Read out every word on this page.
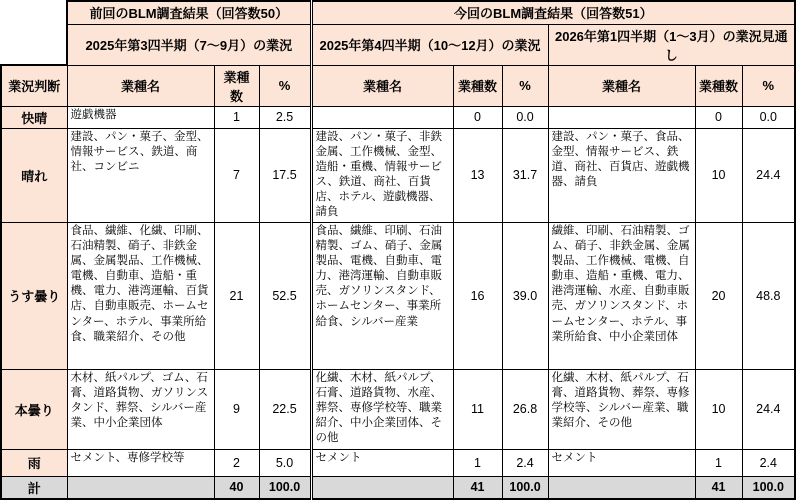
	前回のBLM調査結果（回答数50）			今回のBLM調査結果（回答数51）					
	2025年第3四半期（7～9月）の業況			2025年第4四半期（10～12月）の業況			2026年第1四半期（1～3月）の業況見通し		
業況判断	業種名	業種数	%	業種名	業種数	%	業種名	業種数	%
快晴	遊戯機器	1	2.5		0	0.0		0	0.0
晴れ	建設、パン・菓子、金型、情報サービス、鉄道、商社、コンビニ	7	17.5	建設、パン・菓子、非鉄金属、工作機械、金型、造船・重機、情報サービス、鉄道、商社、百貨店、ホテル、遊戯機器、請負	13	31.7	建設、パン・菓子、食品、金型、情報サービス、鉄道、商社、百貨店、遊戯機器、請負	10	24.4
うす曇り	食品、繊維、化繊、印刷、石油精製、硝子、非鉄金属、金属製品、工作機械、電機、自動車、造船・重機、電力、港湾運輸、百貨店、自動車販売、ホームセンター、ホテル、事業所給食、職業紹介、その他	21	52.5	食品、繊維、印刷、石油精製、ゴム、硝子、金属製品、電機、自動車、電力、港湾運輸、自動車販売、ガソリンスタンド、ホームセンター、事業所給食、シルバー産業	16	39.0	繊維、印刷、石油精製、ゴム、硝子、非鉄金属、金属製品、工作機械、電機、自動車、造船・重機、電力、港湾運輸、水産、自動車販売、ガソリンスタンド、ホームセンター、ホテル、事業所給食、中小企業団体	20	48.8
本曇り	木材、紙パルプ、ゴム、石膏、道路貨物、ガソリンスタンド、葬祭、シルバー産業、中小企業団体	9	22.5	化繊、木材、紙パルプ、石膏、道路貨物、水産、葬祭、専修学校等、職業紹介、中小企業団体、その他	11	26.8	化繊、木材、紙パルプ、石膏、道路貨物、葬祭、専修学校等、シルバー産業、職業紹介、その他	10	24.4
雨	セメント、専修学校等	2	5.0	セメント	1	2.4	セメント	1	2.4
計		40	100.0		41	100.0		41	100.0
